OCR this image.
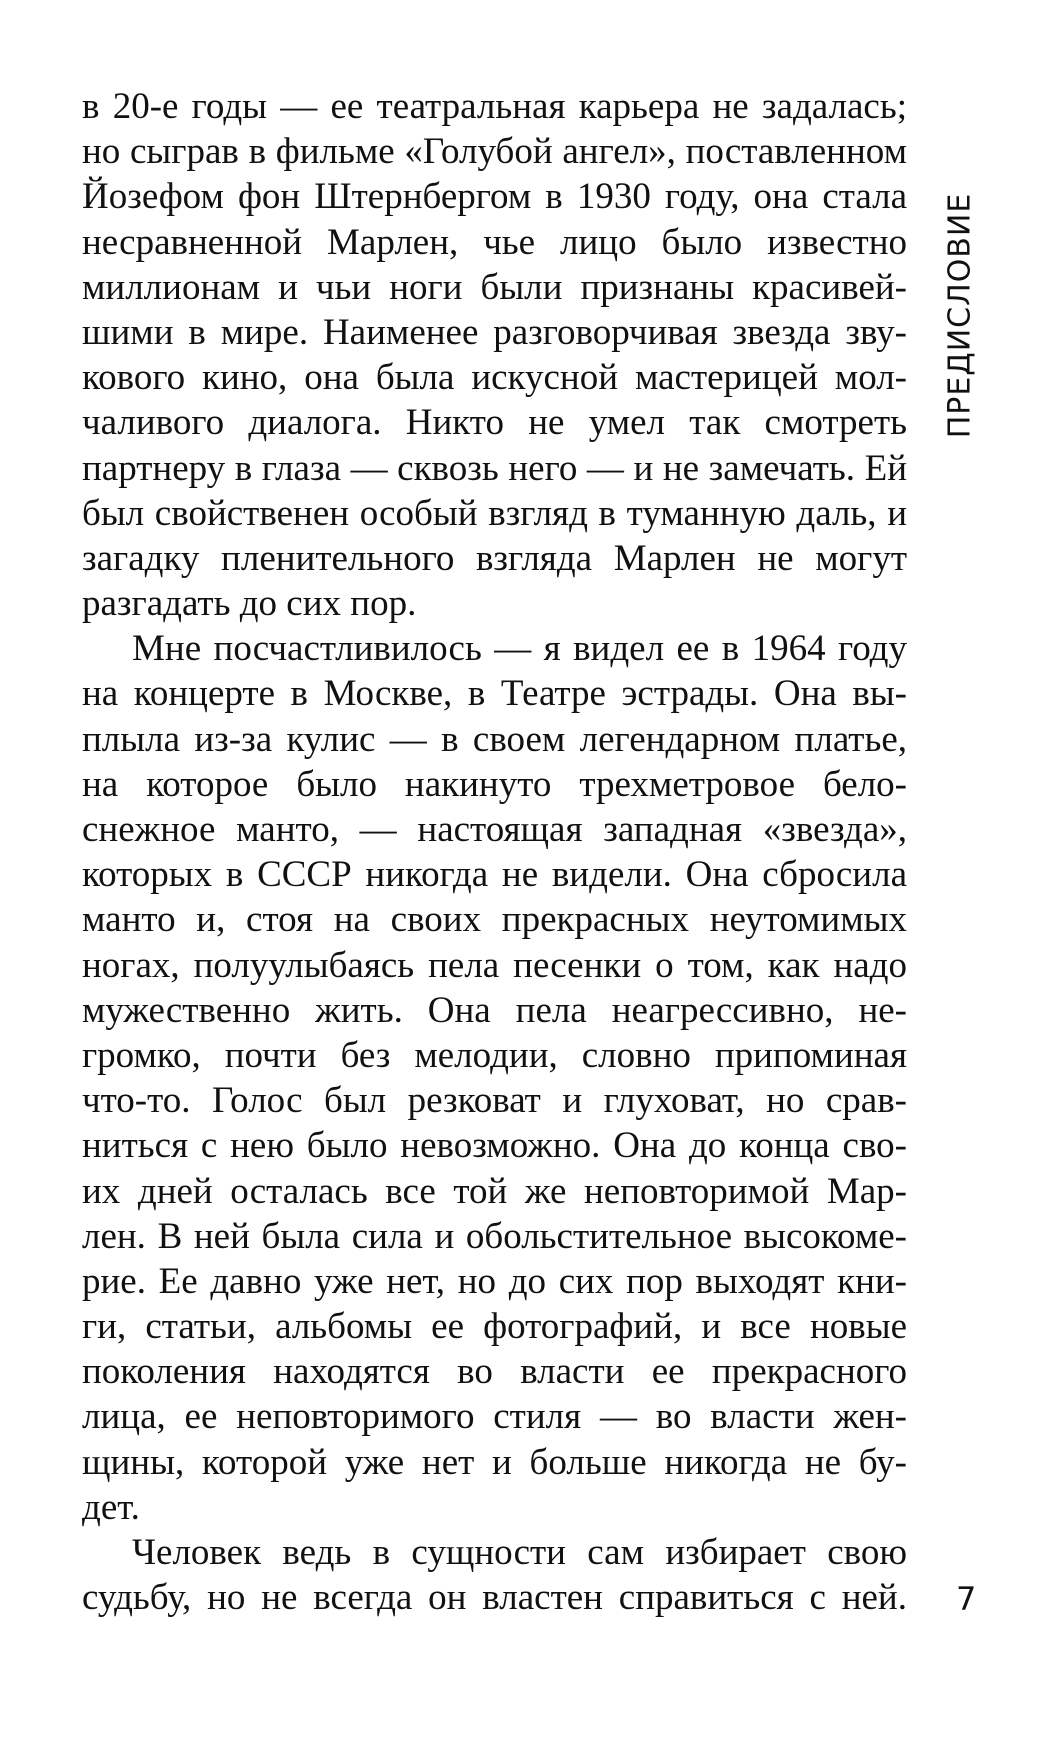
в 20-е годы — ее театральная карьера не задалась;
но сыграв в фильме «Голубой ангел», поставленном
Йозефом фон Штернбергом в 1930 году, она стала
несравненной Марлен, чье лицо было известно
миллионам и чьи ноги были признаны красивей-
шими в мире. Наименее разговорчивая звезда зву-
кового кино, она была искусной мастерицей мол-
чаливого диалога. Никто не умел так смотреть
партнеру в глаза — сквозь него — и не замечать. Ей
был свойственен особый взгляд в туманную даль, и
загадку пленительного взгляда Марлен не могут
разгадать до сих пор.
Мне посчастливилось — я видел ее в 1964 году
на концерте в Москве, в Театре эстрады. Она вы-
плыла из-за кулис — в своем легендарном платье,
на которое было накинуто трехметровое бело-
снежное манто, — настоящая западная «звезда»,
которых в СССР никогда не видели. Она сбросила
манто и, стоя на своих прекрасных неутомимых
ногах, полуулыбаясь пела песенки о том, как надо
мужественно жить. Она пела неагрессивно, не-
громко, почти без мелодии, словно припоминая
что-то. Голос был резковат и глуховат, но срав-
ниться с нею было невозможно. Она до конца сво-
их дней осталась все той же неповторимой Мар-
лен. В ней была сила и обольстительное высокоме-
рие. Ее давно уже нет, но до сих пор выходят кни-
ги, статьи, альбомы ее фотографий, и все новые
поколения находятся во власти ее прекрасного
лица, ее неповторимого стиля — во власти жен-
щины, которой уже нет и больше никогда не бу-
дет.
Человек ведь в сущности сам избирает свою
судьбу, но не всегда он властен справиться с ней.
ПРЕДИСЛОВИЕ
7
